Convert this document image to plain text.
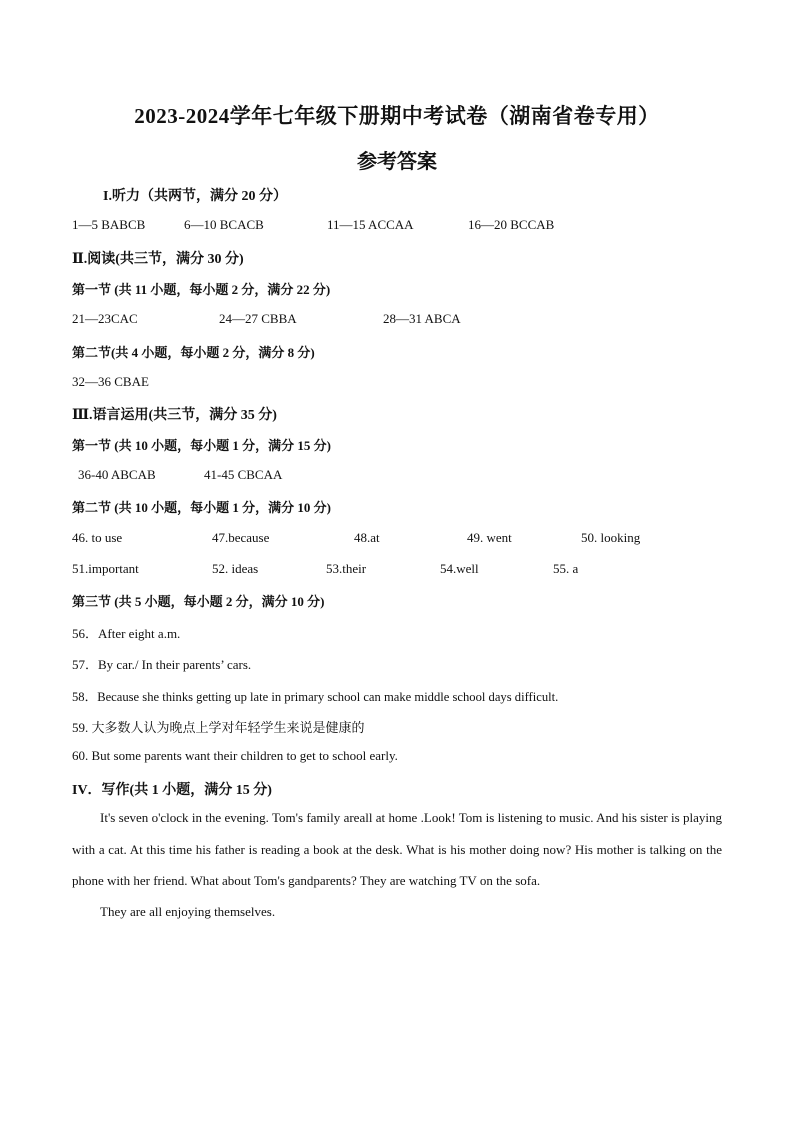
2023-2024学年七年级下册期中考试卷（湖南省卷专用）
参考答案
I.听力（共两节，满分 20 分）
1—5 BABCB	6—10 BCACB	11—15 ACCAA	16—20 BCCAB
Ⅱ.阅读(共三节，满分 30 分)
第一节 (共 11 小题，每小题 2 分，满分 22 分)
21—23CAC	24—27 CBBA	28—31 ABCA
第二节(共 4 小题，每小题 2 分，满分 8 分)
32—36 CBAE
Ⅲ.语言运用(共三节，满分 35 分)
第一节 (共 10 小题，每小题 1 分，满分 15 分)
36-40 ABCAB	41-45 CBCAA
第二节 (共 10 小题，每小题 1 分，满分 10 分)
46. to use	47.because	48.at	49. went	50. looking
51.important	52. ideas	53.their	54.well	55. a
第三节 (共 5 小题，每小题 2 分，满分 10 分)
56．After eight a.m.
57．By car./ In their parents’ cars.
58．Because she thinks getting up late in primary school can make middle school days difficult.
59. 大多数人认为晚点上学对年轻学生来说是健康的
60. But some parents want their children to get to school early.
IV．写作(共 1 小题，满分 15 分)
It's seven o'clock in the evening. Tom's family areall at home .Look! Tom is listening to music. And his sister is playing with a cat. At this time his father is reading a book at the desk. What is his mother doing now? His mother is talking on the phone with her friend. What about Tom's gandparents? They are watching TV on the sofa.
They are all enjoying themselves.
